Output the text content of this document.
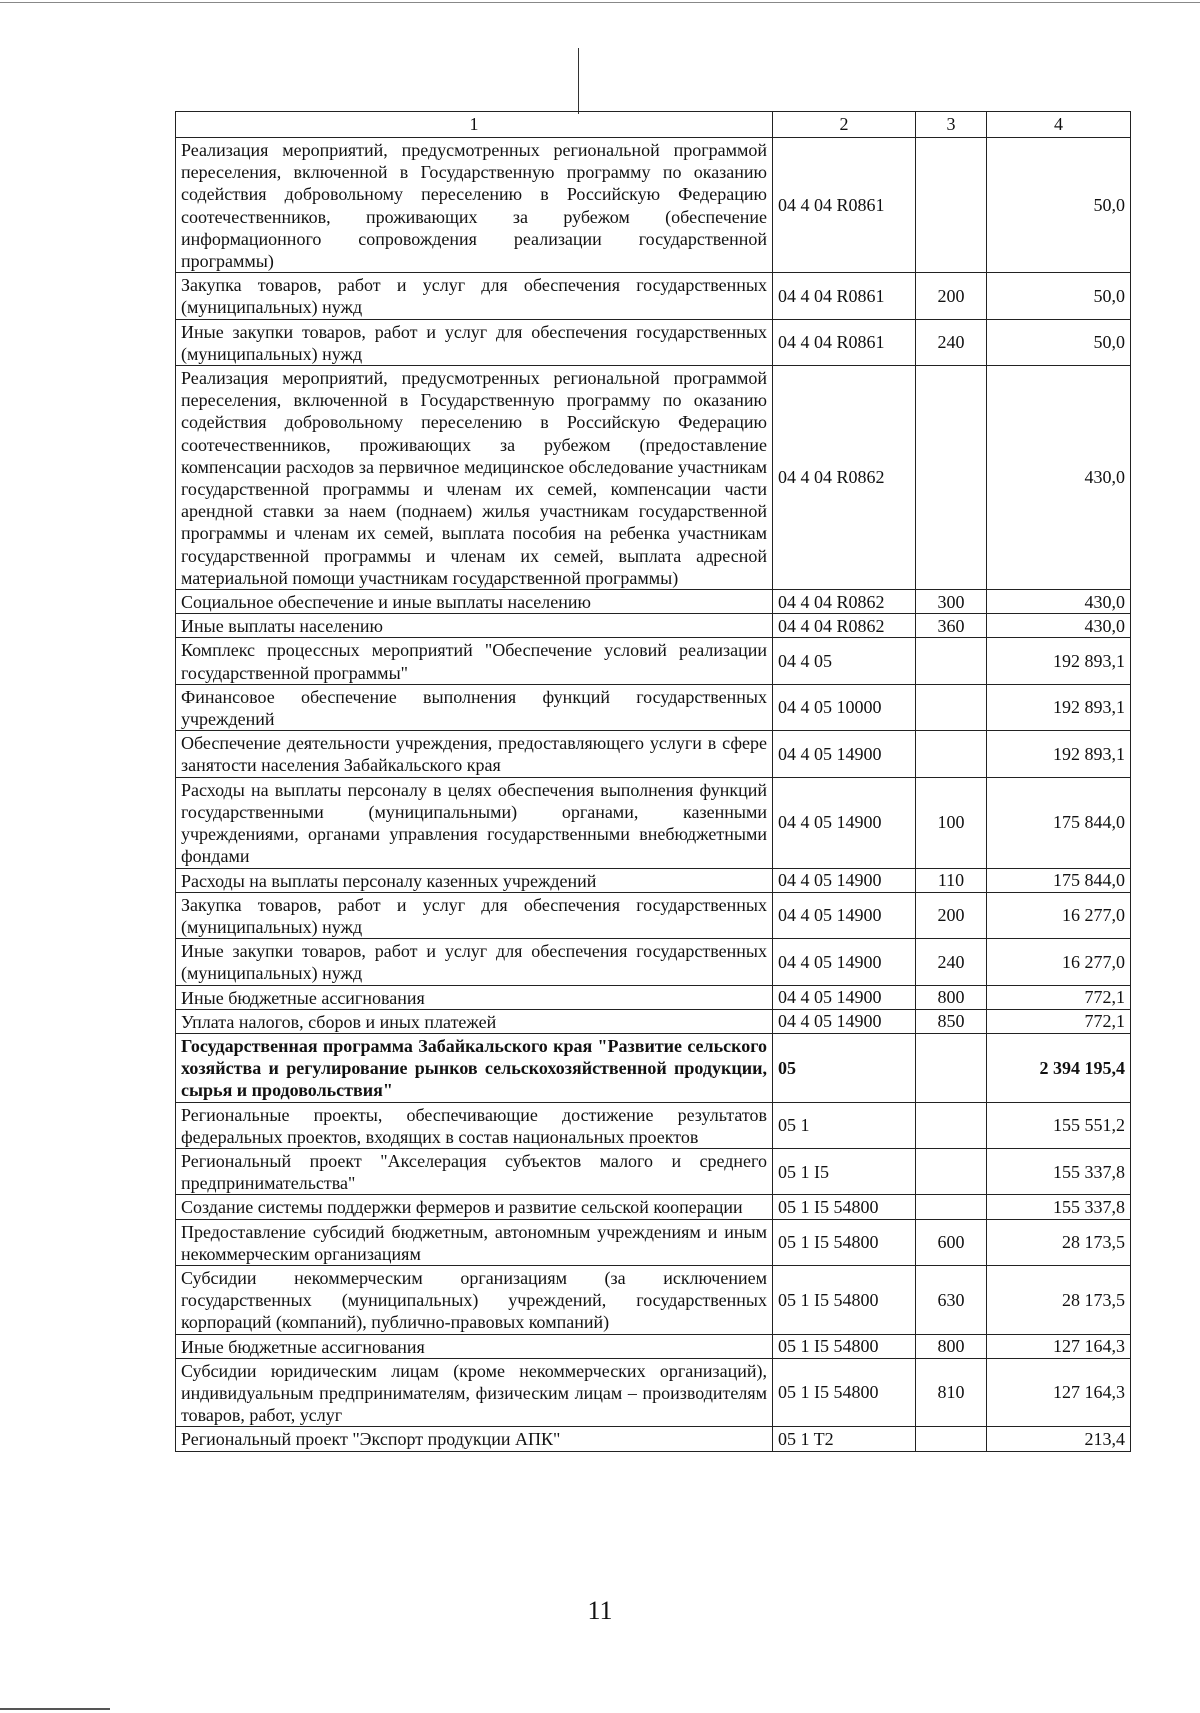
1	2	3	4
Реализация мероприятий, предусмотренных региональной программой переселения, включенной в Государственную программу по оказанию содействия добровольному переселению в Российскую Федерацию соотечественников, проживающих за рубежом (обеспечение информационного сопровождения реализации государственной программы)	04 4 04 R0861		50,0
Закупка товаров, работ и услуг для обеспечения государственных (муниципальных) нужд	04 4 04 R0861	200	50,0
Иные закупки товаров, работ и услуг для обеспечения государственных (муниципальных) нужд	04 4 04 R0861	240	50,0
Реализация мероприятий, предусмотренных региональной программой переселения, включенной в Государственную программу по оказанию содействия добровольному переселению в Российскую Федерацию соотечественников, проживающих за рубежом (предоставление компенсации расходов за первичное медицинское обследование участникам государственной программы и членам их семей, компенсации части арендной ставки за наем (поднаем) жилья участникам государственной программы и членам их семей, выплата пособия на ребенка участникам государственной программы и членам их семей, выплата адресной материальной помощи участникам государственной программы)	04 4 04 R0862		430,0
Социальное обеспечение и иные выплаты населению	04 4 04 R0862	300	430,0
Иные выплаты населению	04 4 04 R0862	360	430,0
Комплекс процессных мероприятий "Обеспечение условий реализации государственной программы"	04 4 05		192 893,1
Финансовое обеспечение выполнения функций государственных учреждений	04 4 05 10000		192 893,1
Обеспечение деятельности учреждения, предоставляющего услуги в сфере занятости населения Забайкальского края	04 4 05 14900		192 893,1
Расходы на выплаты персоналу в целях обеспечения выполнения функций государственными (муниципальными) органами, казенными учреждениями, органами управления государственными внебюджетными фондами	04 4 05 14900	100	175 844,0
Расходы на выплаты персоналу казенных учреждений	04 4 05 14900	110	175 844,0
Закупка товаров, работ и услуг для обеспечения государственных (муниципальных) нужд	04 4 05 14900	200	16 277,0
Иные закупки товаров, работ и услуг для обеспечения государственных (муниципальных) нужд	04 4 05 14900	240	16 277,0
Иные бюджетные ассигнования	04 4 05 14900	800	772,1
Уплата налогов, сборов и иных платежей	04 4 05 14900	850	772,1
Государственная программа Забайкальского края "Развитие сельского хозяйства и регулирование рынков сельскохозяйственной продукции, сырья и продовольствия"	05		2 394 195,4
Региональные проекты, обеспечивающие достижение результатов федеральных проектов, входящих в состав национальных проектов	05 1		155 551,2
Региональный проект "Акселерация субъектов малого и среднего предпринимательства"	05 1 I5		155 337,8
Создание системы поддержки фермеров и развитие сельской кооперации	05 1 I5 54800		155 337,8
Предоставление субсидий бюджетным, автономным учреждениям и иным некоммерческим организациям	05 1 I5 54800	600	28 173,5
Субсидии некоммерческим организациям (за исключением государственных (муниципальных) учреждений, государственных корпораций (компаний), публично-правовых компаний)	05 1 I5 54800	630	28 173,5
Иные бюджетные ассигнования	05 1 I5 54800	800	127 164,3
Субсидии юридическим лицам (кроме некоммерческих организаций), индивидуальным предпринимателям, физическим лицам – производителям товаров, работ, услуг	05 1 I5 54800	810	127 164,3
Региональный проект "Экспорт продукции АПК"	05 1 T2		213,4
11
